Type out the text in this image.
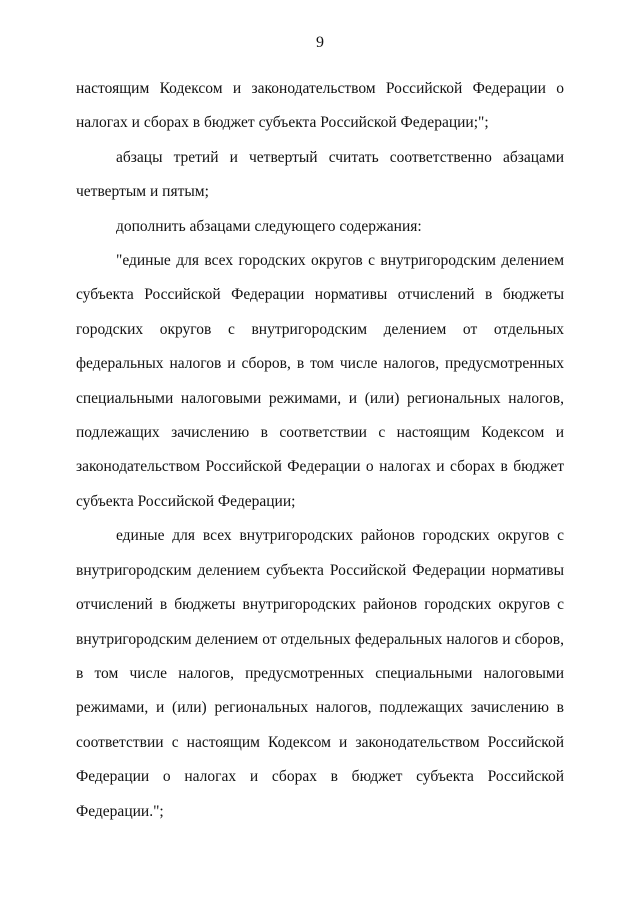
9

настоящим Кодексом и законодательством Российской Федерации о налогах и сборах в бюджет субъекта Российской Федерации;";

абзацы третий и четвертый считать соответственно абзацами четвертым и пятым;

дополнить абзацами следующего содержания:

"единые для всех городских округов с внутригородским делением субъекта Российской Федерации нормативы отчислений в бюджеты городских округов с внутригородским делением от отдельных федеральных налогов и сборов, в том числе налогов, предусмотренных специальными налоговыми режимами, и (или) региональных налогов, подлежащих зачислению в соответствии с настоящим Кодексом и законодательством Российской Федерации о налогах и сборах в бюджет субъекта Российской Федерации;

единые для всех внутригородских районов городских округов с внутригородским делением субъекта Российской Федерации нормативы отчислений в бюджеты внутригородских районов городских округов с внутригородским делением от отдельных федеральных налогов и сборов, в том числе налогов, предусмотренных специальными налоговыми режимами, и (или) региональных налогов, подлежащих зачислению в соответствии с настоящим Кодексом и законодательством Российской Федерации о налогах и сборах в бюджет субъекта Российской Федерации.";
